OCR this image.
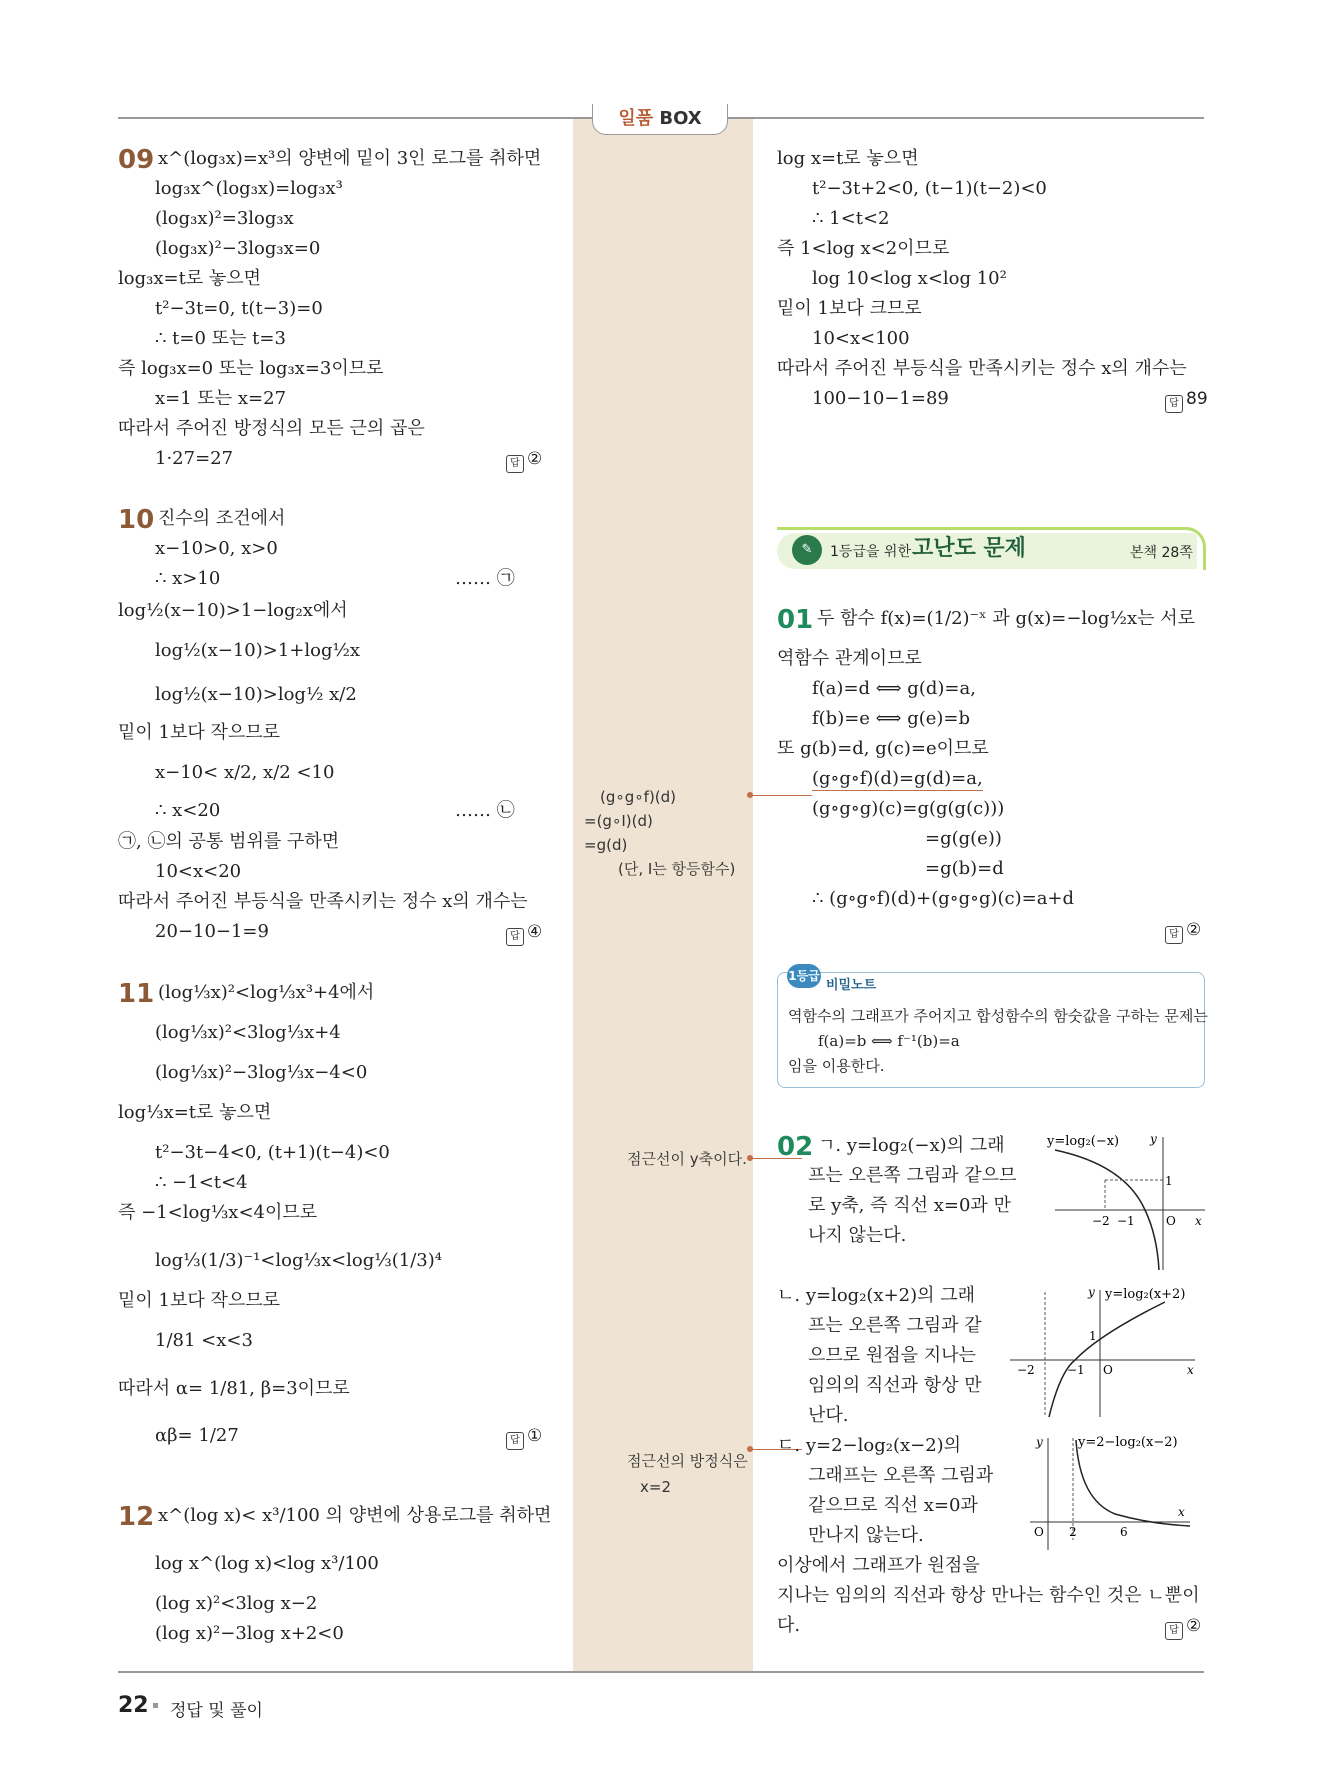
일품 BOX
09 x^(log₃x)=x³의 양변에 밑이 3인 로그를 취하면
log₃x^(log₃x)=log₃x³
(log₃x)²=3log₃x
(log₃x)²−3log₃x=0
log₃x=t로 놓으면
t²−3t=0, t(t−3)=0
∴ t=0 또는 t=3
즉 log₃x=0 또는 log₃x=3이므로
x=1 또는 x=27
따라서 주어진 방정식의 모든 근의 곱은
1·27=27	답 ②
10 진수의 조건에서
x−10>0, x>0
∴ x>10	…… ㉠
log½(x−10)>1−log₂x에서
log½(x−10)>1+log½x
log½(x−10)>log½ x/2
밑이 1보다 작으므로
x−10< x/2, x/2 <10
∴ x<20	…… ㉡
㉠, ㉡의 공통 범위를 구하면
10<x<20
따라서 주어진 부등식을 만족시키는 정수 x의 개수는
20−10−1=9	답 ④
11 (log⅓x)²<log⅓x³+4에서
(log⅓x)²<3log⅓x+4
(log⅓x)²−3log⅓x−4<0
log⅓x=t로 놓으면
t²−3t−4<0, (t+1)(t−4)<0
∴ −1<t<4
즉 −1<log⅓x<4이므로
log⅓(1/3)⁻¹<log⅓x<log⅓(1/3)⁴
밑이 1보다 작으므로
1/81 <x<3
따라서 α= 1/81, β=3이므로
αβ= 1/27	답 ①
12 x^(log x)< x³/100 의 양변에 상용로그를 취하면
log x^(log x)<log x³/100
(log x)²<3log x−2
(log x)²−3log x+2<0
(g∘g∘f)(d)
=(g∘I)(d)
=g(d)
(단, I는 항등함수)
점근선이 y축이다.
점근선의 방정식은
x=2
log x=t로 놓으면
t²−3t+2<0, (t−1)(t−2)<0
∴ 1<t<2
즉 1<log x<2이므로
log 10<log x<log 10²
밑이 1보다 크므로
10<x<100
따라서 주어진 부등식을 만족시키는 정수 x의 개수는
100−10−1=89	답 89
✎	1등급을 위한 고난도 문제	본책 28쪽
01 두 함수 f(x)=(1/2)⁻ˣ 과 g(x)=−log½x는 서로
역함수 관계이므로
f(a)=d ⟺ g(d)=a,
f(b)=e ⟺ g(e)=b
또 g(b)=d, g(c)=e이므로
(g∘g∘f)(d)=g(d)=a,
(g∘g∘g)(c)=g(g(g(c)))
=g(g(e))
=g(b)=d
∴ (g∘g∘f)(d)+(g∘g∘g)(c)=a+d
답 ②
1등급
비밀노트
역함수의 그래프가 주어지고 합성함수의 함숫값을 구하는 문제는
f(a)=b ⟺ f⁻¹(b)=a
임을 이용한다.
02 ㄱ. y=log₂(−x)의 그래
프는 오른쪽 그림과 같으므
로 y축, 즉 직선 x=0과 만
나지 않는다.
ㄴ. y=log₂(x+2)의 그래
프는 오른쪽 그림과 같
으므로 원점을 지나는
임의의 직선과 항상 만
난다.
ㄷ. y=2−log₂(x−2)의
그래프는 오른쪽 그림과
같으므로 직선 x=0과
만나지 않는다.
이상에서 그래프가 원점을
지나는 임의의 직선과 항상 만나는 함수인 것은 ㄴ뿐이
다.	답 ②
y=log₂(−x)	y
x
1
−2 −1	O
y=log₂(x+2)
y
x
1
−2	−1 O
y=2−log₂(x−2)
y
x
2	6
O
22 정답 및 풀이
